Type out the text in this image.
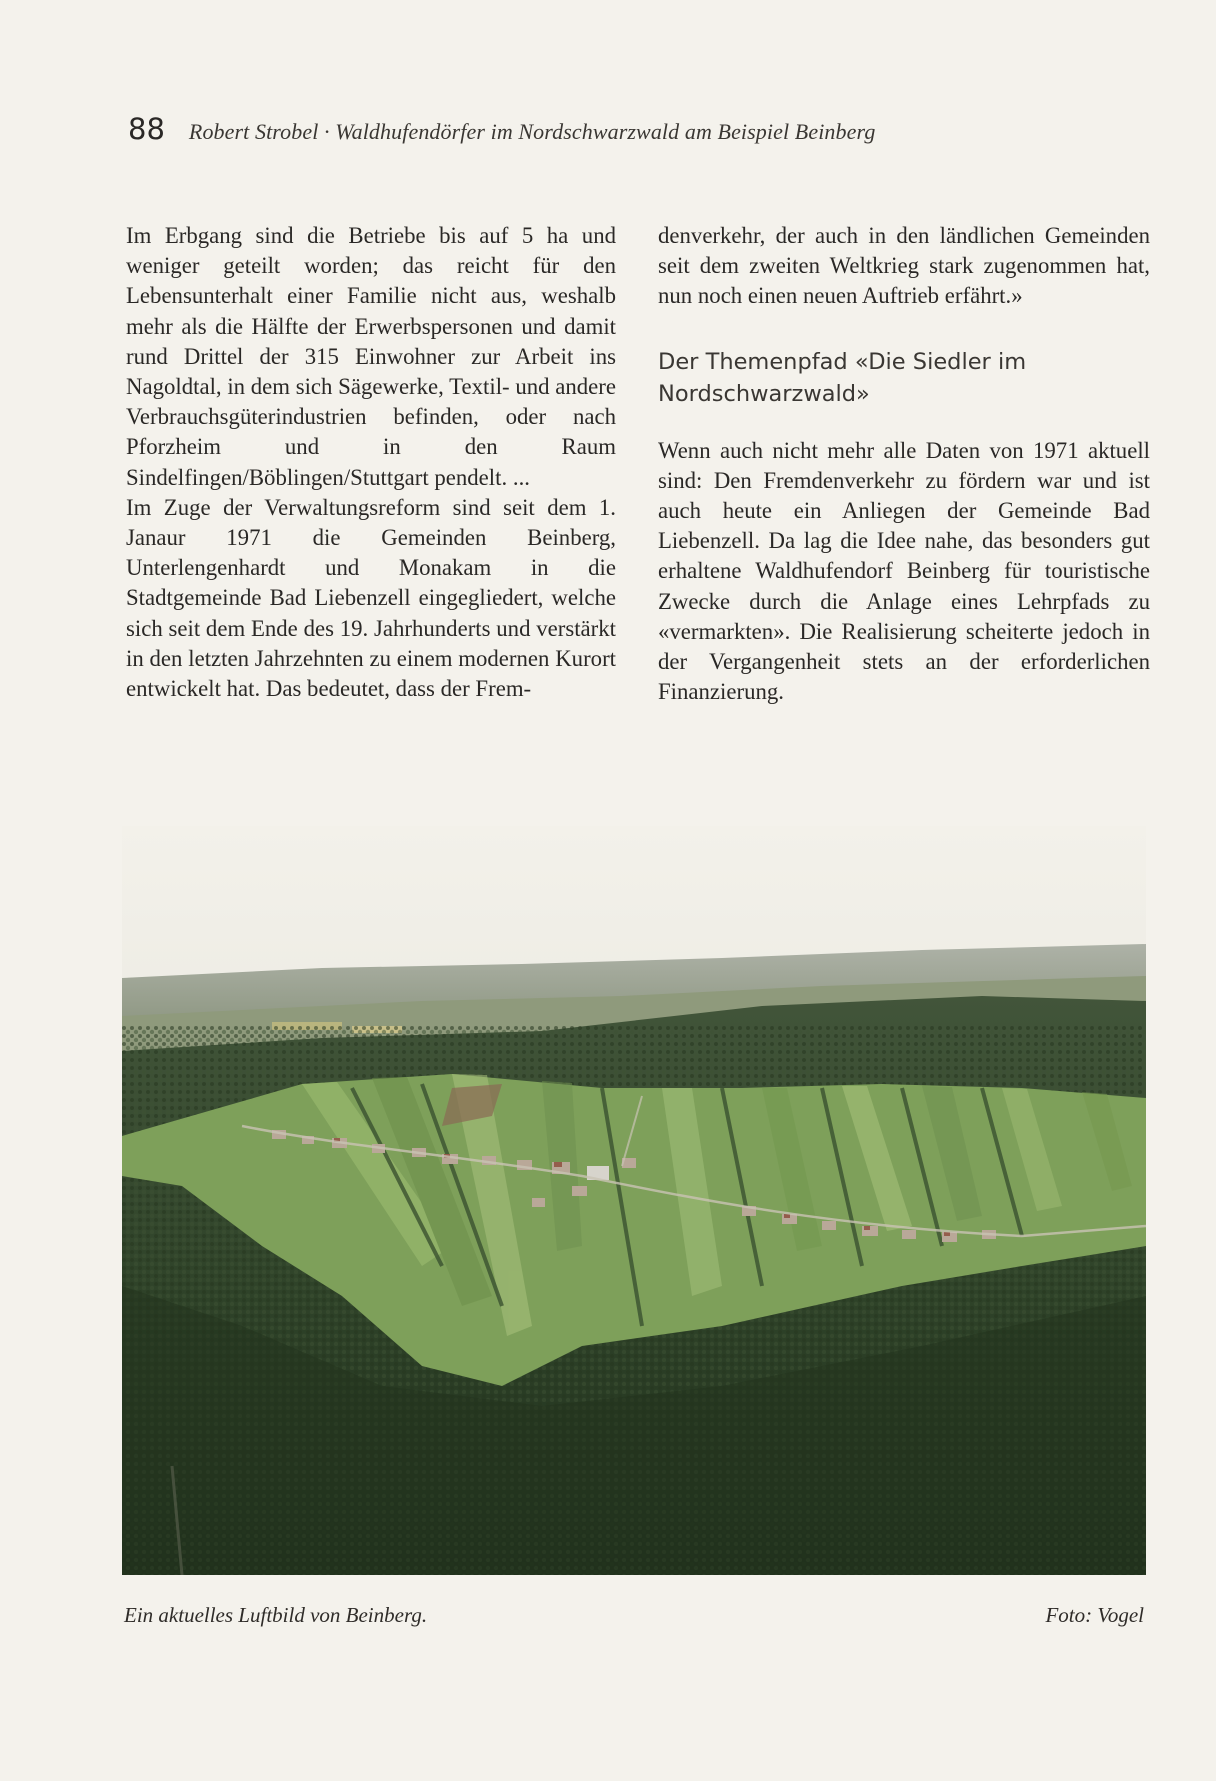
88 Robert Strobel · Waldhufendörfer im Nordschwarzwald am Beispiel Beinberg

Im Erbgang sind die Betriebe bis auf 5 ha und weniger geteilt worden; das reicht für den Lebensunterhalt einer Familie nicht aus, weshalb mehr als die Hälfte der Erwerbspersonen und damit rund Drittel der 315 Einwohner zur Arbeit ins Nagoldtal, in dem sich Sägewerke, Textil- und andere Verbrauchsgüterindustrien befinden, oder nach Pforzheim und in den Raum Sindelfingen/Böblingen/Stuttgart pendelt. ...

Im Zuge der Verwaltungsreform sind seit dem 1. Janaur 1971 die Gemeinden Beinberg, Unterlengenhardt und Monakam in die Stadtgemeinde Bad Liebenzell eingegliedert, welche sich seit dem Ende des 19. Jahrhunderts und verstärkt in den letzten Jahrzehnten zu einem modernen Kurort entwickelt hat. Das bedeutet, dass der Frem-

denverkehr, der auch in den ländlichen Gemeinden seit dem zweiten Weltkrieg stark zugenommen hat, nun noch einen neuen Auftrieb erfährt.»

Der Themenpfad «Die Siedler im Nordschwarzwald»

Wenn auch nicht mehr alle Daten von 1971 aktuell sind: Den Fremdenverkehr zu fördern war und ist auch heute ein Anliegen der Gemeinde Bad Liebenzell. Da lag die Idee nahe, das besonders gut erhaltene Waldhufendorf Beinberg für touristische Zwecke durch die Anlage eines Lehrpfads zu «vermarkten». Die Realisierung scheiterte jedoch in der Vergangenheit stets an der erforderlichen Finanzierung.

Ein aktuelles Luftbild von Beinberg.	Foto: Vogel
